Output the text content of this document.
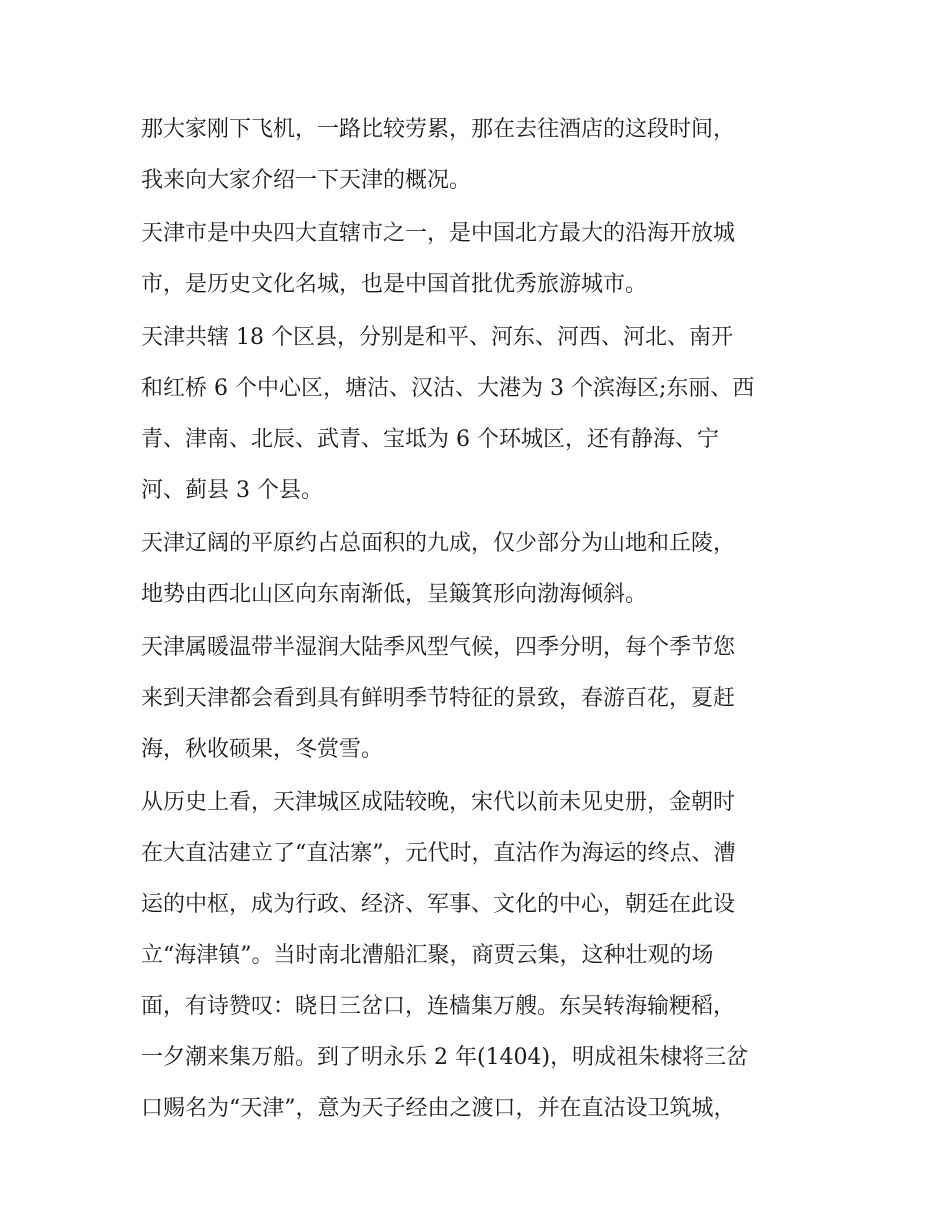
那大家刚下飞机，一路比较劳累，那在去往酒店的这段时间，
我来向大家介绍一下天津的概况。
天津市是中央四大直辖市之一，是中国北方最大的沿海开放城
市，是历史文化名城，也是中国首批优秀旅游城市。
天津共辖 18 个区县，分别是和平、河东、河西、河北、南开
和红桥 6 个中心区，塘沽、汉沽、大港为 3 个滨海区;东丽、西
青、津南、北辰、武青、宝坻为 6 个环城区，还有静海、宁
河、蓟县 3 个县。
天津辽阔的平原约占总面积的九成，仅少部分为山地和丘陵，
地势由西北山区向东南渐低，呈簸箕形向渤海倾斜。
天津属暖温带半湿润大陆季风型气候，四季分明，每个季节您
来到天津都会看到具有鲜明季节特征的景致，春游百花，夏赶
海，秋收硕果，冬赏雪。
从历史上看，天津城区成陆较晚，宋代以前未见史册，金朝时
在大直沽建立了“直沽寨”，元代时，直沽作为海运的终点、漕
运的中枢，成为行政、经济、军事、文化的中心，朝廷在此设
立“海津镇”。当时南北漕船汇聚，商贾云集，这种壮观的场
面，有诗赞叹：晓日三岔口，连樯集万艘。东吴转海输粳稻，
一夕潮来集万船。到了明永乐 2 年(1404)，明成祖朱棣将三岔
口赐名为“天津”，意为天子经由之渡口，并在直沽设卫筑城，
